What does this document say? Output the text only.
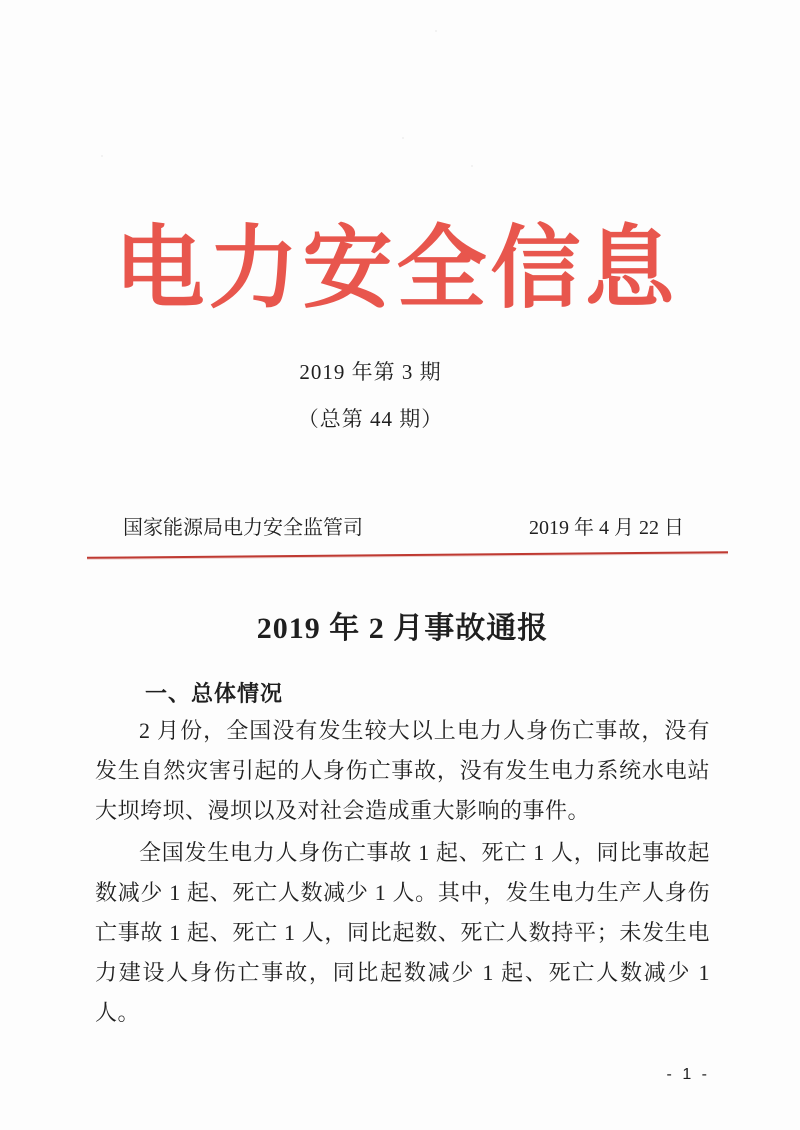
电力安全信息
2019 年第 3 期
（总第 44 期）
国家能源局电力安全监管司	2019 年 4 月 22 日
2019 年 2 月事故通报
一、总体情况

2 月份，全国没有发生较大以上电力人身伤亡事故，没有发生自然灾害引起的人身伤亡事故，没有发生电力系统水电站大坝垮坝、漫坝以及对社会造成重大影响的事件。

全国发生电力人身伤亡事故 1 起、死亡 1 人，同比事故起数减少 1 起、死亡人数减少 1 人。其中，发生电力生产人身伤亡事故 1 起、死亡 1 人，同比起数、死亡人数持平；未发生电力建设人身伤亡事故，同比起数减少 1 起、死亡人数减少 1 人。

- 1 -
